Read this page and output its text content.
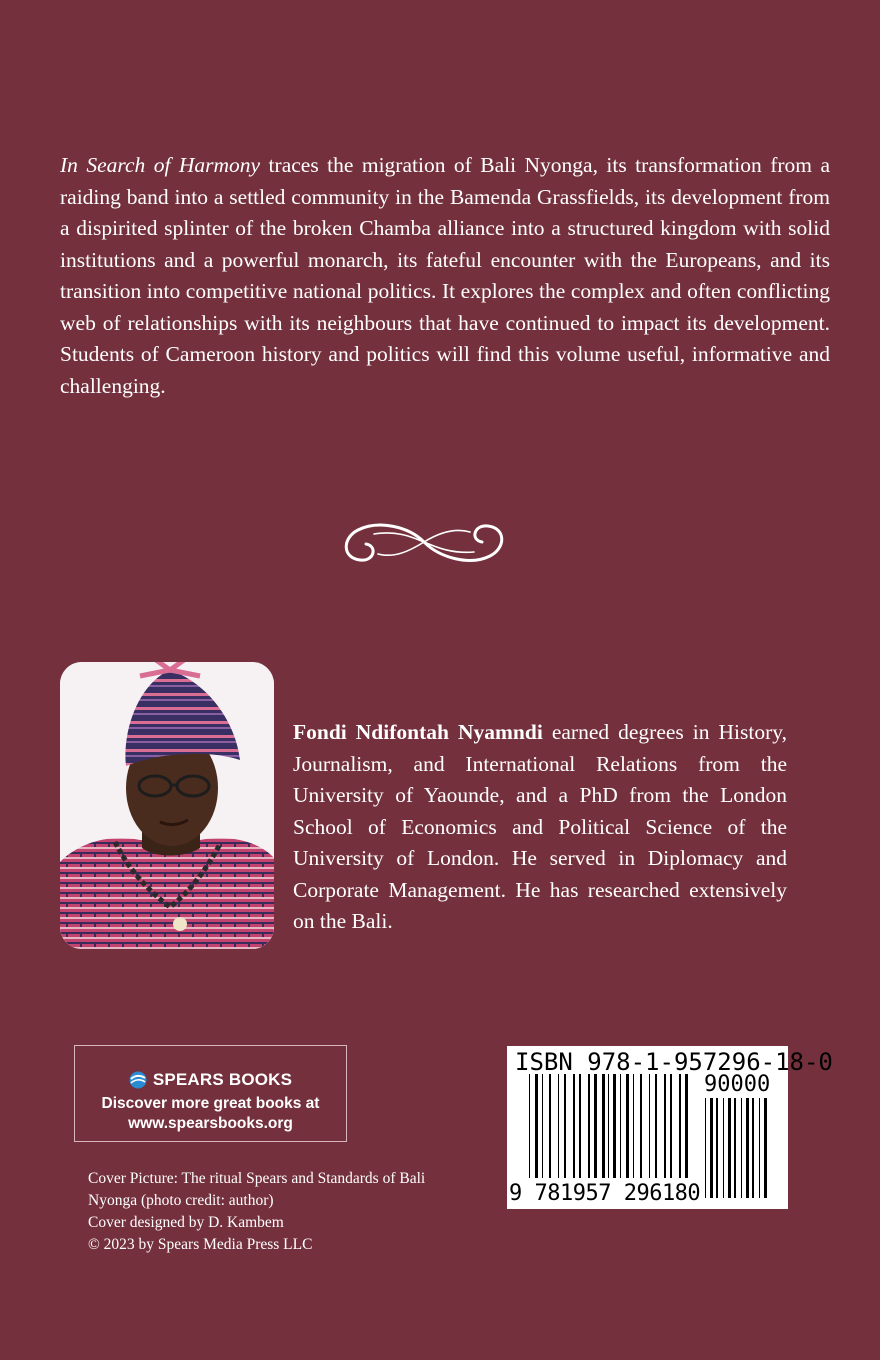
In Search of Harmony traces the migration of Bali Nyonga, its transformation from a raiding band into a settled community in the Bamenda Grassfields, its development from a dispirited splinter of the broken Chamba alliance into a structured kingdom with solid institutions and a powerful monarch, its fateful encounter with the Europeans, and its transition into competitive national politics. It explores the complex and often conflicting web of relationships with its neighbours that have continued to impact its development. Students of Cameroon history and politics will find this volume useful, informative and challenging.

Fondi Ndifontah Nyamndi earned degrees in History, Journalism, and International Relations from the University of Yaounde, and a PhD from the London School of Economics and Political Science of the University of London. He served in Diplomacy and Corporate Management. He has researched extensively on the Bali.

SPEARS BOOKS
Discover more great books at
www.spearsbooks.org
Cover Picture: The ritual Spears and Standards of Bali
Nyonga (photo credit: author)
Cover designed by D. Kambem
© 2023 by Spears Media Press LLC
ISBN 978-1-957296-18-0
90000
9 781957 296180
